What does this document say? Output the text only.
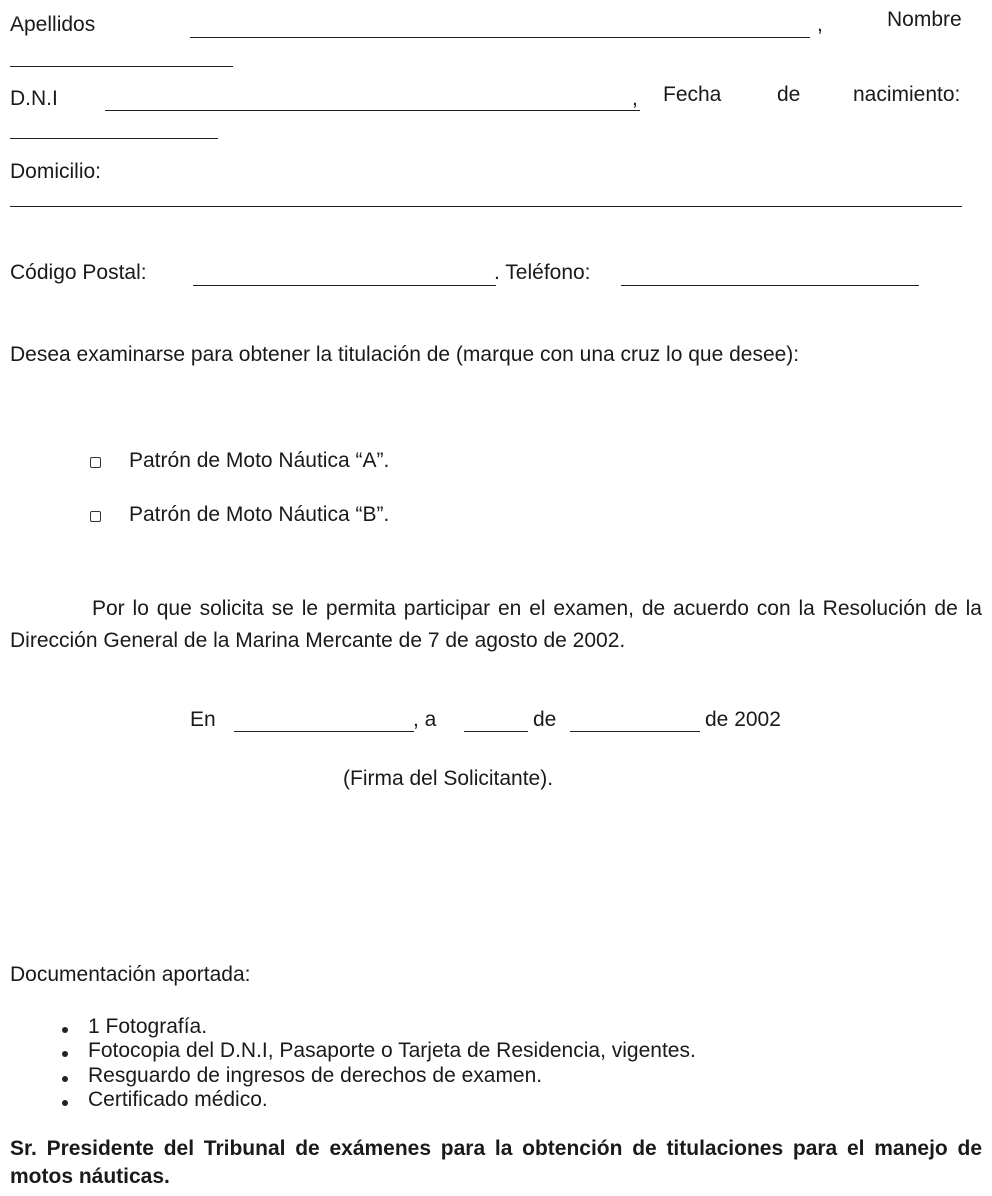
Apellidos	,	Nombre
D.N.I	, Fecha	de	nacimiento:
Domicilio:
Código Postal:	. Teléfono:
Desea examinarse para obtener la titulación de (marque con una cruz lo que desee):
Patrón de Moto Náutica “A”.
Patrón de Moto Náutica “B”.
Por lo que solicita se le permita participar en el examen, de acuerdo con la Resolución de la Dirección General de la Marina Mercante de 7 de agosto de 2002.
En	, a	de	de 2002
(Firma del Solicitante).
Documentación aportada:
1 Fotografía.
Fotocopia del D.N.I, Pasaporte o Tarjeta de Residencia, vigentes.
Resguardo de ingresos de derechos de examen.
Certificado médico.
Sr. Presidente del Tribunal de exámenes para la obtención de titulaciones para el manejo de motos náuticas.
